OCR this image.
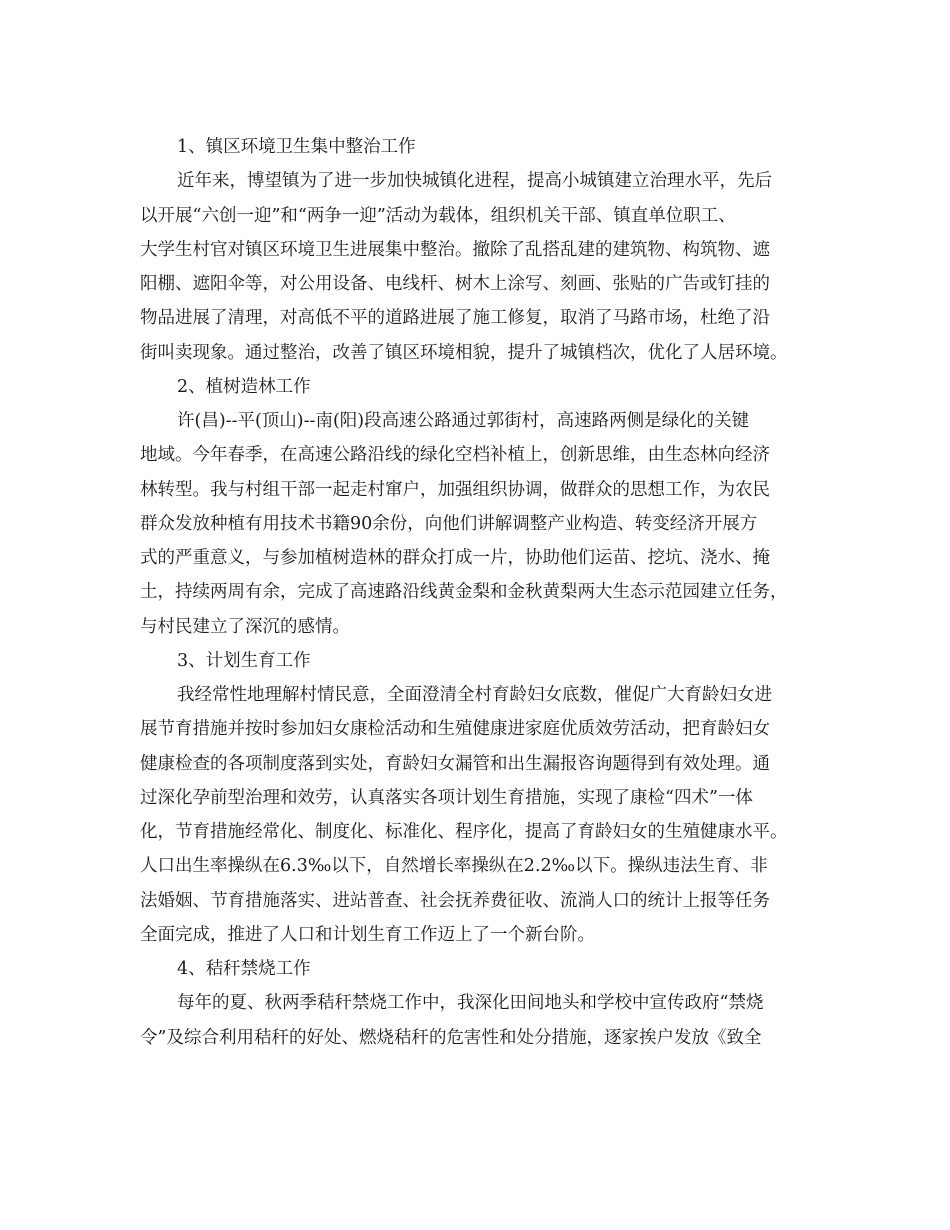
1、镇区环境卫生集中整治工作
近年来，博望镇为了进一步加快城镇化进程，提高小城镇建立治理水平，先后
以开展“六创一迎”和“两争一迎”活动为载体，组织机关干部、镇直单位职工、
大学生村官对镇区环境卫生进展集中整治。撤除了乱搭乱建的建筑物、构筑物、遮
阳棚、遮阳伞等，对公用设备、电线杆、树木上涂写、刻画、张贴的广告或钉挂的
物品进展了清理，对高低不平的道路进展了施工修复，取消了马路市场，杜绝了沿
街叫卖现象。通过整治，改善了镇区环境相貌，提升了城镇档次，优化了人居环境。
2、植树造林工作
许(昌)--平(顶山)--南(阳)段高速公路通过郭街村，高速路两侧是绿化的关键
地域。今年春季，在高速公路沿线的绿化空档补植上，创新思维，由生态林向经济
林转型。我与村组干部一起走村窜户，加强组织协调，做群众的思想工作，为农民
群众发放种植有用技术书籍90余份，向他们讲解调整产业构造、转变经济开展方
式的严重意义，与参加植树造林的群众打成一片，协助他们运苗、挖坑、浇水、掩
土，持续两周有余，完成了高速路沿线黄金梨和金秋黄梨两大生态示范园建立任务，
与村民建立了深沉的感情。
3、计划生育工作
我经常性地理解村情民意，全面澄清全村育龄妇女底数，催促广大育龄妇女进
展节育措施并按时参加妇女康检活动和生殖健康进家庭优质效劳活动，把育龄妇女
健康检查的各项制度落到实处，育龄妇女漏管和出生漏报咨询题得到有效处理。通
过深化孕前型治理和效劳，认真落实各项计划生育措施，实现了康检“四术”一体
化，节育措施经常化、制度化、标准化、程序化，提高了育龄妇女的生殖健康水平。
人口出生率操纵在6.3‰以下，自然增长率操纵在2.2‰以下。操纵违法生育、非
法婚姻、节育措施落实、进站普查、社会抚养费征收、流淌人口的统计上报等任务
全面完成，推进了人口和计划生育工作迈上了一个新台阶。
4、秸秆禁烧工作
每年的夏、秋两季秸秆禁烧工作中，我深化田间地头和学校中宣传政府“禁烧
令”及综合利用秸秆的好处、燃烧秸秆的危害性和处分措施，逐家挨户发放《致全
